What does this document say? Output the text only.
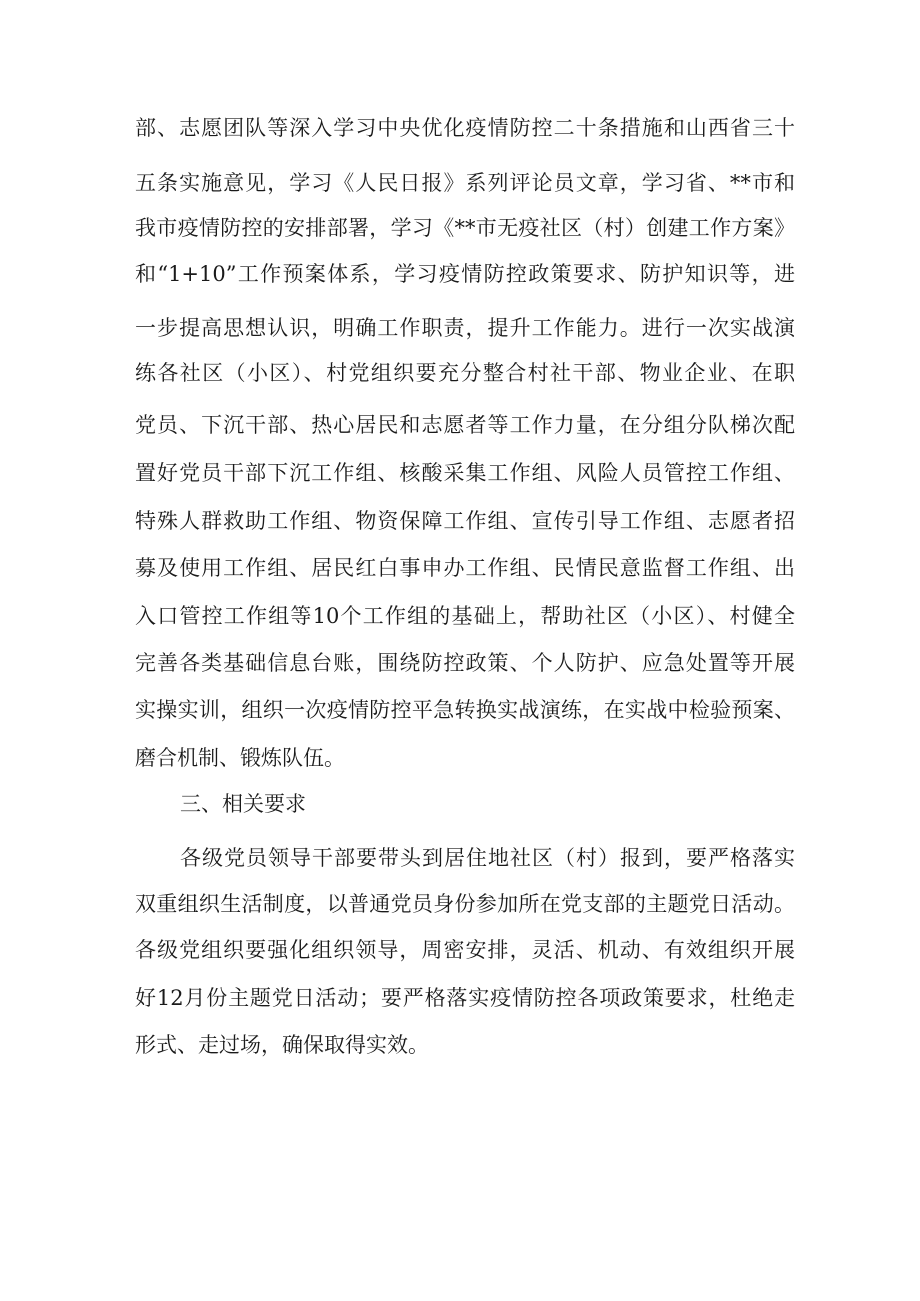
部、志愿团队等深入学习中央优化疫情防控二十条措施和山西省三十
五条实施意见，学习《人民日报》系列评论员文章，学习省、**市和
我市疫情防控的安排部署，学习《**市无疫社区（村）创建工作方案》
和“1+10”工作预案体系，学习疫情防控政策要求、防护知识等，进
一步提高思想认识，明确工作职责，提升工作能力。进行一次实战演
练各社区（小区）、村党组织要充分整合村社干部、物业企业、在职
党员、下沉干部、热心居民和志愿者等工作力量，在分组分队梯次配
置好党员干部下沉工作组、核酸采集工作组、风险人员管控工作组、
特殊人群救助工作组、物资保障工作组、宣传引导工作组、志愿者招
募及使用工作组、居民红白事申办工作组、民情民意监督工作组、出
入口管控工作组等10个工作组的基础上，帮助社区（小区）、村健全
完善各类基础信息台账，围绕防控政策、个人防护、应急处置等开展
实操实训，组织一次疫情防控平急转换实战演练，在实战中检验预案、
磨合机制、锻炼队伍。
三、相关要求
各级党员领导干部要带头到居住地社区（村）报到，要严格落实
双重组织生活制度，以普通党员身份参加所在党支部的主题党日活动。
各级党组织要强化组织领导，周密安排，灵活、机动、有效组织开展
好12月份主题党日活动；要严格落实疫情防控各项政策要求，杜绝走
形式、走过场，确保取得实效。
